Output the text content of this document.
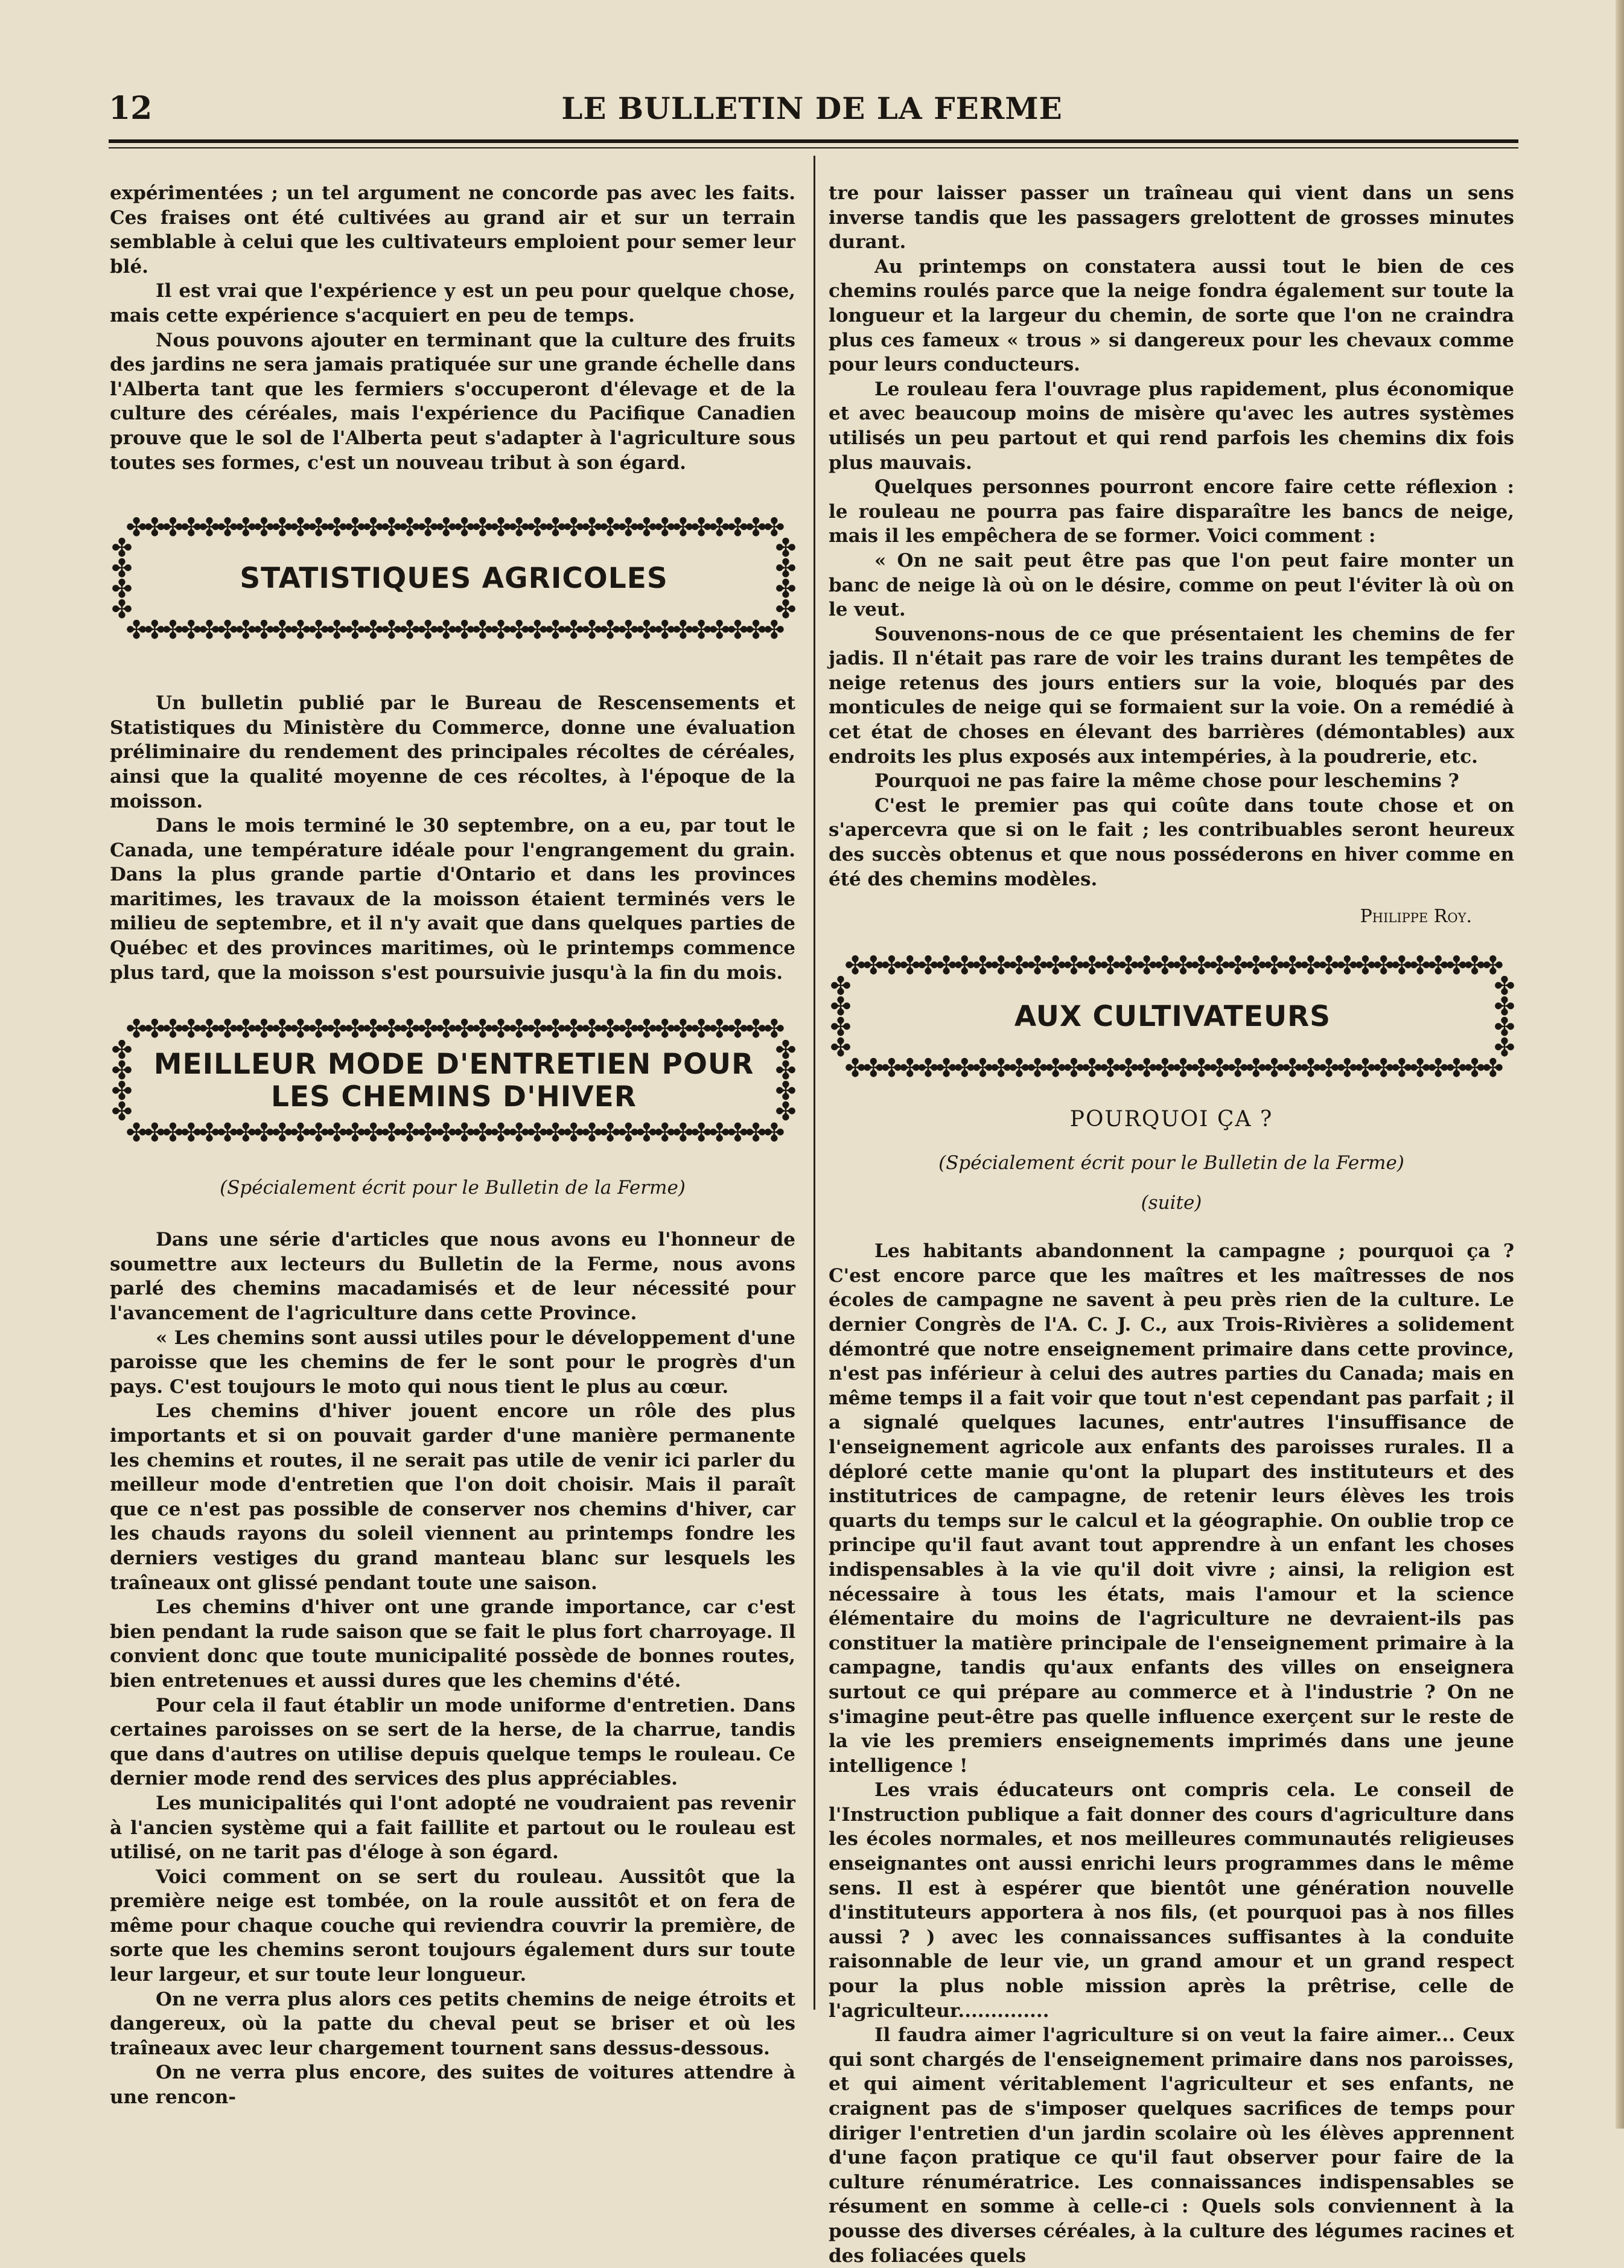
12	LE BULLETIN DE LA FERME

expérimentées ; un tel argument ne concorde pas avec les faits. Ces fraises ont été cultivées au grand air et sur un terrain semblable à celui que les cultivateurs emploient pour semer leur blé.

Il est vrai que l'expérience y est un peu pour quelque chose, mais cette expérience s'acquiert en peu de temps.

Nous pouvons ajouter en terminant que la culture des fruits des jardins ne sera jamais pratiquée sur une grande échelle dans l'Alberta tant que les fermiers s'occuperont d'élevage et de la culture des céréales, mais l'expérience du Pacifique Canadien prouve que le sol de l'Alberta peut s'adapter à l'agriculture sous toutes ses formes, c'est un nouveau tribut à son égard.

✤✤✤✤✤✤✤✤✤✤✤✤✤✤✤✤✤✤✤✤✤✤✤✤✤✤✤✤✤✤✤✤✤✤✤✤
✤
✤
✤
✤
STATISTIQUES AGRICOLES
✤
✤
✤
✤
✤✤✤✤✤✤✤✤✤✤✤✤✤✤✤✤✤✤✤✤✤✤✤✤✤✤✤✤✤✤✤✤✤✤✤✤

Un bulletin publié par le Bureau de Rescensements et Statistiques du Ministère du Commerce, donne une évaluation préliminaire du rendement des principales récoltes de céréales, ainsi que la qualité moyenne de ces récoltes, à l'époque de la moisson.

Dans le mois terminé le 30 septembre, on a eu, par tout le Canada, une température idéale pour l'engrangement du grain. Dans la plus grande partie d'Ontario et dans les provinces maritimes, les travaux de la moisson étaient terminés vers le milieu de septembre, et il n'y avait que dans quelques parties de Québec et des provinces maritimes, où le printemps commence plus tard, que la moisson s'est poursuivie jusqu'à la fin du mois.

✤✤✤✤✤✤✤✤✤✤✤✤✤✤✤✤✤✤✤✤✤✤✤✤✤✤✤✤✤✤✤✤✤✤✤✤
✤
✤
✤
✤
MEILLEUR MODE D'ENTRETIEN POUR
LES CHEMINS D'HIVER
✤
✤
✤
✤
✤✤✤✤✤✤✤✤✤✤✤✤✤✤✤✤✤✤✤✤✤✤✤✤✤✤✤✤✤✤✤✤✤✤✤✤
(Spécialement écrit pour le Bulletin de la Ferme)

Dans une série d'articles que nous avons eu l'honneur de soumettre aux lecteurs du Bulletin de la Ferme, nous avons parlé des chemins macadamisés et de leur nécessité pour l'avancement de l'agriculture dans cette Province.

« Les chemins sont aussi utiles pour le développement d'une paroisse que les chemins de fer le sont pour le progrès d'un pays. C'est toujours le moto qui nous tient le plus au cœur.

Les chemins d'hiver jouent encore un rôle des plus importants et si on pouvait garder d'une manière permanente les chemins et routes, il ne serait pas utile de venir ici parler du meilleur mode d'entretien que l'on doit choisir. Mais il paraît que ce n'est pas possible de conserver nos chemins d'hiver, car les chauds rayons du soleil viennent au printemps fondre les derniers vestiges du grand manteau blanc sur lesquels les traîneaux ont glissé pendant toute une saison.

Les chemins d'hiver ont une grande importance, car c'est bien pendant la rude saison que se fait le plus fort charroyage. Il convient donc que toute municipalité possède de bonnes routes, bien entretenues et aussi dures que les chemins d'été.

Pour cela il faut établir un mode uniforme d'entretien. Dans certaines paroisses on se sert de la herse, de la charrue, tandis que dans d'autres on utilise depuis quelque temps le rouleau. Ce dernier mode rend des services des plus appréciables.

Les municipalités qui l'ont adopté ne voudraient pas revenir à l'ancien système qui a fait faillite et partout ou le rouleau est utilisé, on ne tarit pas d'éloge à son égard.

Voici comment on se sert du rouleau. Aussitôt que la première neige est tombée, on la roule aussitôt et on fera de même pour chaque couche qui reviendra couvrir la première, de sorte que les chemins seront toujours également durs sur toute leur largeur, et sur toute leur longueur.

On ne verra plus alors ces petits chemins de neige étroits et dangereux, où la patte du cheval peut se briser et où les traîneaux avec leur chargement tournent sans dessus-dessous.

On ne verra plus encore, des suites de voitures attendre à une rencon-

tre pour laisser passer un traîneau qui vient dans un sens inverse tandis que les passagers grelottent de grosses minutes durant.

Au printemps on constatera aussi tout le bien de ces chemins roulés parce que la neige fondra également sur toute la longueur et la largeur du chemin, de sorte que l'on ne craindra plus ces fameux « trous » si dangereux pour les chevaux comme pour leurs conducteurs.

Le rouleau fera l'ouvrage plus rapidement, plus économique et avec beaucoup moins de misère qu'avec les autres systèmes utilisés un peu partout et qui rend parfois les chemins dix fois plus mauvais.

Quelques personnes pourront encore faire cette réflexion : le rouleau ne pourra pas faire disparaître les bancs de neige, mais il les empêchera de se former. Voici comment :

« On ne sait peut être pas que l'on peut faire monter un banc de neige là où on le désire, comme on peut l'éviter là où on le veut.

Souvenons-nous de ce que présentaient les chemins de fer jadis. Il n'était pas rare de voir les trains durant les tempêtes de neige retenus des jours entiers sur la voie, bloqués par des monticules de neige qui se formaient sur la voie. On a remédié à cet état de choses en élevant des barrières (démontables) aux endroits les plus exposés aux intempéries, à la poudrerie, etc.

Pourquoi ne pas faire la même chose pour leschemins ?

C'est le premier pas qui coûte dans toute chose et on s'apercevra que si on le fait ; les contribuables seront heureux des succès obtenus et que nous posséderons en hiver comme en été des chemins modèles.

Philippe Roy.
✤✤✤✤✤✤✤✤✤✤✤✤✤✤✤✤✤✤✤✤✤✤✤✤✤✤✤✤✤✤✤✤✤✤✤✤
✤
✤
✤
✤
AUX CULTIVATEURS
✤
✤
✤
✤
✤✤✤✤✤✤✤✤✤✤✤✤✤✤✤✤✤✤✤✤✤✤✤✤✤✤✤✤✤✤✤✤✤✤✤✤
POURQUOI ÇA ?
(Spécialement écrit pour le Bulletin de la Ferme)
(suite)

Les habitants abandonnent la campagne ; pourquoi ça ? C'est encore parce que les maîtres et les maîtresses de nos écoles de campagne ne savent à peu près rien de la culture. Le dernier Congrès de l'A. C. J. C., aux Trois-Rivières a solidement démontré que notre enseignement primaire dans cette province, n'est pas inférieur à celui des autres parties du Canada; mais en même temps il a fait voir que tout n'est cependant pas parfait ; il a signalé quelques lacunes, entr'autres l'insuffisance de l'enseignement agricole aux enfants des paroisses rurales. Il a déploré cette manie qu'ont la plupart des instituteurs et des institutrices de campagne, de retenir leurs élèves les trois quarts du temps sur le calcul et la géographie. On oublie trop ce principe qu'il faut avant tout apprendre à un enfant les choses indispensables à la vie qu'il doit vivre ; ainsi, la religion est nécessaire à tous les états, mais l'amour et la science élémentaire du moins de l'agriculture ne devraient-ils pas constituer la matière principale de l'enseignement primaire à la campagne, tandis qu'aux enfants des villes on enseignera surtout ce qui prépare au commerce et à l'industrie ? On ne s'imagine peut-être pas quelle influence exerçent sur le reste de la vie les premiers enseignements imprimés dans une jeune intelligence !

Les vrais éducateurs ont compris cela. Le conseil de l'Instruction publique a fait donner des cours d'agriculture dans les écoles normales, et nos meilleures communautés religieuses enseignantes ont aussi enrichi leurs programmes dans le même sens. Il est à espérer que bientôt une génération nouvelle d'instituteurs apportera à nos fils, (et pourquoi pas à nos filles aussi ? ) avec les connaissances suffisantes à la conduite raisonnable de leur vie, un grand amour et un grand respect pour la plus noble mission après la prêtrise, celle de l'agriculteur..............

Il faudra aimer l'agriculture si on veut la faire aimer... Ceux qui sont chargés de l'enseignement primaire dans nos paroisses, et qui aiment véritablement l'agriculteur et ses enfants, ne craignent pas de s'imposer quelques sacrifices de temps pour diriger l'entretien d'un jardin scolaire où les élèves apprennent d'une façon pratique ce qu'il faut observer pour faire de la culture rénumératrice. Les connaissances indispensables se résument en somme à celle-ci : Quels sols conviennent à la pousse des diverses céréales, à la culture des légumes racines et des foliacées quels
